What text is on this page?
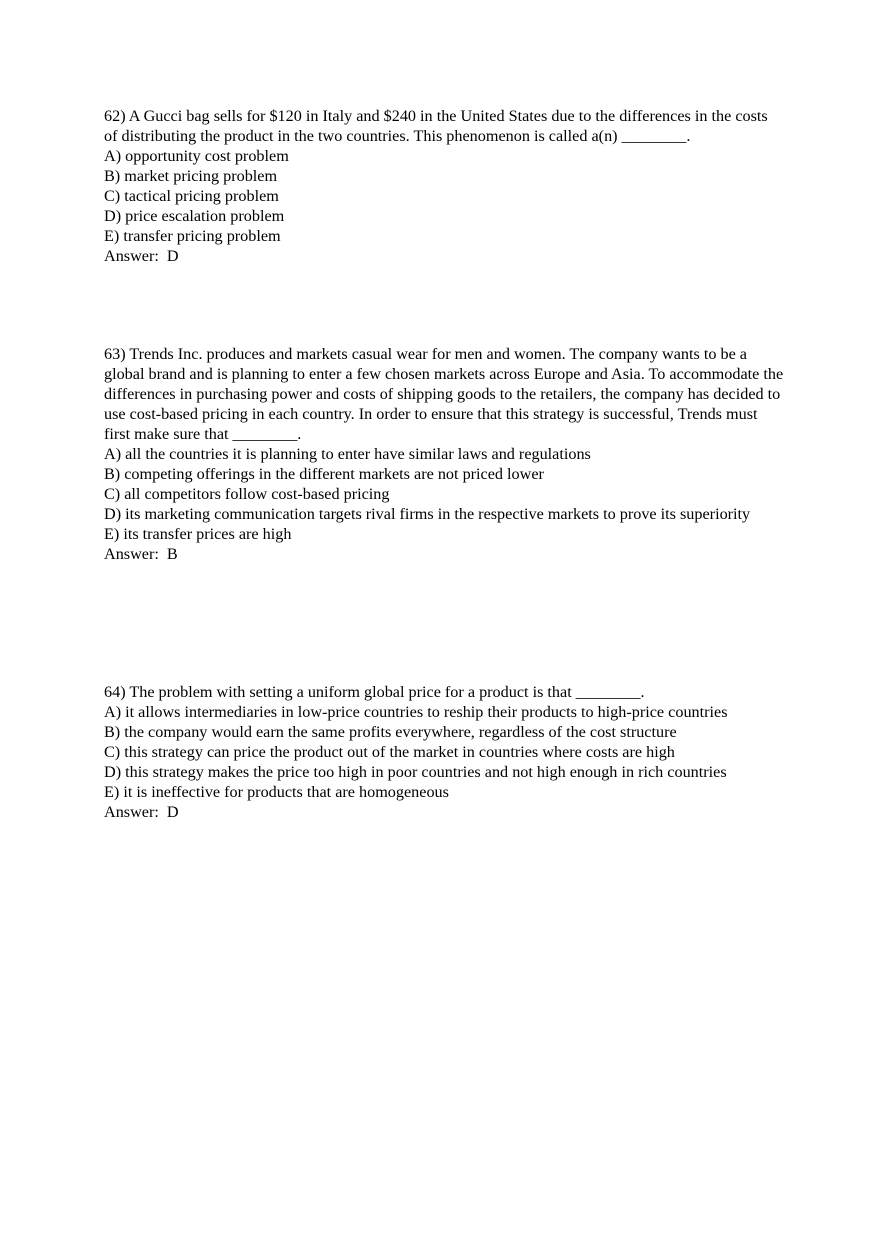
62) A Gucci bag sells for $120 in Italy and $240 in the United States due to the differences in the costs of distributing the product in the two countries. This phenomenon is called a(n) ________.

A) opportunity cost problem
B) market pricing problem
C) tactical pricing problem
D) price escalation problem
E) transfer pricing problem

Answer: D

63) Trends Inc. produces and markets casual wear for men and women. The company wants to be a global brand and is planning to enter a few chosen markets across Europe and Asia. To accommodate the differences in purchasing power and costs of shipping goods to the retailers, the company has decided to use cost-based pricing in each country. In order to ensure that this strategy is successful, Trends must first make sure that ________.

A) all the countries it is planning to enter have similar laws and regulations
B) competing offerings in the different markets are not priced lower
C) all competitors follow cost-based pricing
D) its marketing communication targets rival firms in the respective markets to prove its superiority
E) its transfer prices are high

Answer: B

64) The problem with setting a uniform global price for a product is that ________.

A) it allows intermediaries in low-price countries to reship their products to high-price countries
B) the company would earn the same profits everywhere, regardless of the cost structure
C) this strategy can price the product out of the market in countries where costs are high
D) this strategy makes the price too high in poor countries and not high enough in rich countries
E) it is ineffective for products that are homogeneous

Answer: D
